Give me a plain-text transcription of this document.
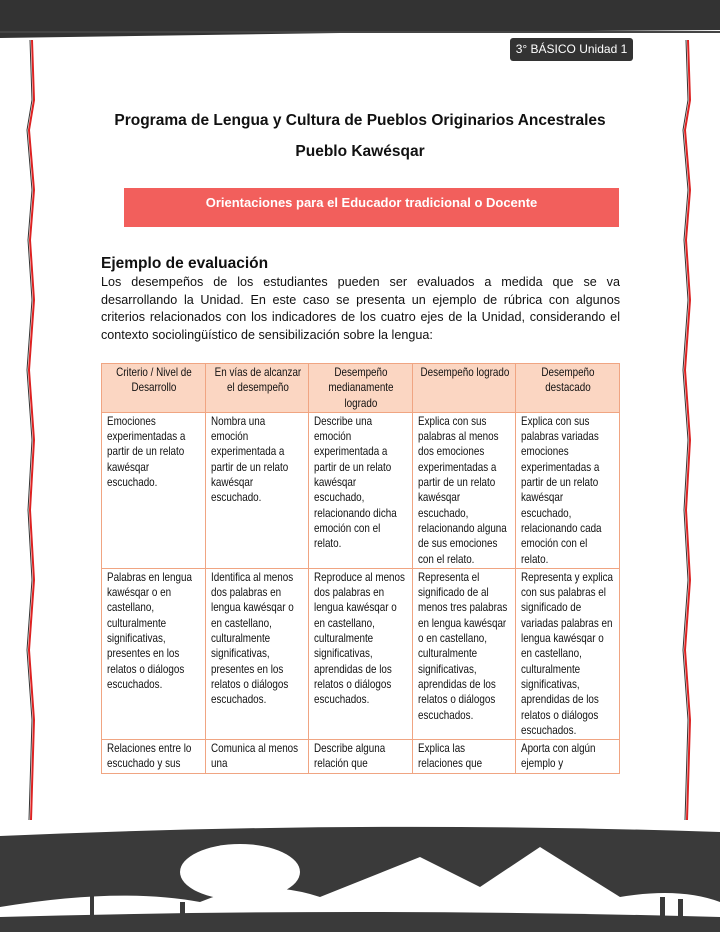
3° BÁSICO Unidad 1
Programa de Lengua y Cultura de Pueblos Originarios Ancestrales
Pueblo Kawésqar
Orientaciones para el Educador tradicional o Docente
Ejemplo de evaluación
Los desempeños de los estudiantes pueden ser evaluados a medida que se va desarrollando la Unidad. En este caso se presenta un ejemplo de rúbrica con algunos criterios relacionados con los indicadores de los cuatro ejes de la Unidad, considerando el contexto sociolingüístico de sensibilización sobre la lengua:
Criterio / Nivel de Desarrollo	En vías de alcanzar el desempeño	Desempeño medianamente logrado	Desempeño logrado	Desempeño destacado

Emociones experimentadas a partir de un relato kawésqar escuchado.	Nombra una emoción experimentada a partir de un relato kawésqar escuchado.	Describe una emoción experimentada a partir de un relato kawésqar escuchado, relacionando dicha emoción con el relato.	Explica con sus palabras al menos dos emociones experimentadas a partir de un relato kawésqar escuchado, relacionando alguna de sus emociones con el relato.	Explica con sus palabras variadas emociones experimentadas a partir de un relato kawésqar escuchado, relacionando cada emoción con el relato.

Palabras en lengua kawésqar o en castellano, culturalmente significativas, presentes en los relatos o diálogos escuchados.	Identifica al menos dos palabras en lengua kawésqar o en castellano, culturalmente significativas, presentes en los relatos o diálogos escuchados.	Reproduce al menos dos palabras en lengua kawésqar o en castellano, culturalmente significativas, aprendidas de los relatos o diálogos escuchados.	Representa el significado de al menos tres palabras en lengua kawésqar o en castellano, culturalmente significativas, aprendidas de los relatos o diálogos escuchados.	Representa y explica con sus palabras el significado de variadas palabras en lengua kawésqar o en castellano, culturalmente significativas, aprendidas de los relatos o diálogos escuchados.

Relaciones entre lo escuchado y sus	Comunica al menos una	Describe alguna relación que	Explica las relaciones que	Aporta con algún ejemplo y
